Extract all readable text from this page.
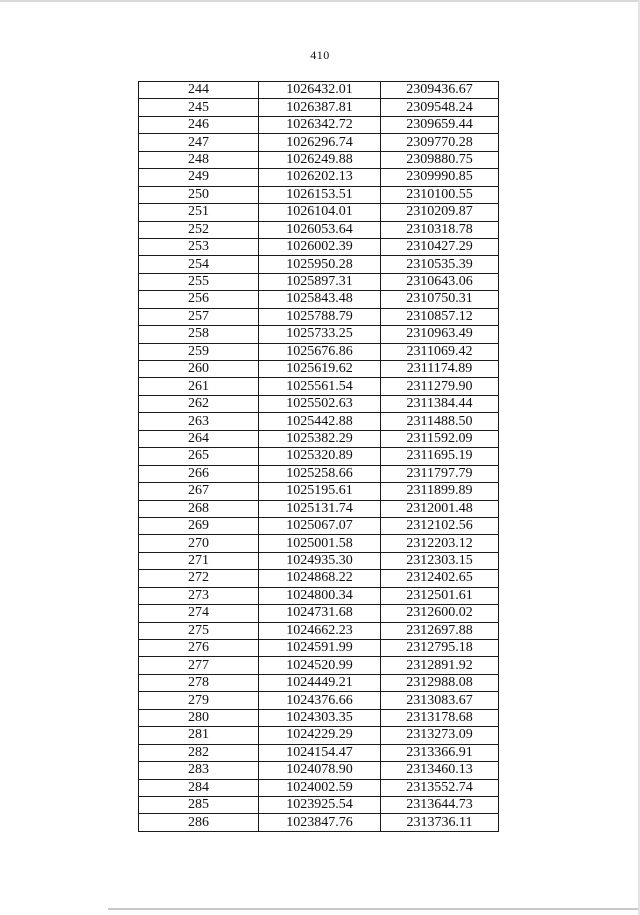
410
244	1026432.01	2309436.67
245	1026387.81	2309548.24
246	1026342.72	2309659.44
247	1026296.74	2309770.28
248	1026249.88	2309880.75
249	1026202.13	2309990.85
250	1026153.51	2310100.55
251	1026104.01	2310209.87
252	1026053.64	2310318.78
253	1026002.39	2310427.29
254	1025950.28	2310535.39
255	1025897.31	2310643.06
256	1025843.48	2310750.31
257	1025788.79	2310857.12
258	1025733.25	2310963.49
259	1025676.86	2311069.42
260	1025619.62	2311174.89
261	1025561.54	2311279.90
262	1025502.63	2311384.44
263	1025442.88	2311488.50
264	1025382.29	2311592.09
265	1025320.89	2311695.19
266	1025258.66	2311797.79
267	1025195.61	2311899.89
268	1025131.74	2312001.48
269	1025067.07	2312102.56
270	1025001.58	2312203.12
271	1024935.30	2312303.15
272	1024868.22	2312402.65
273	1024800.34	2312501.61
274	1024731.68	2312600.02
275	1024662.23	2312697.88
276	1024591.99	2312795.18
277	1024520.99	2312891.92
278	1024449.21	2312988.08
279	1024376.66	2313083.67
280	1024303.35	2313178.68
281	1024229.29	2313273.09
282	1024154.47	2313366.91
283	1024078.90	2313460.13
284	1024002.59	2313552.74
285	1023925.54	2313644.73
286	1023847.76	2313736.11
